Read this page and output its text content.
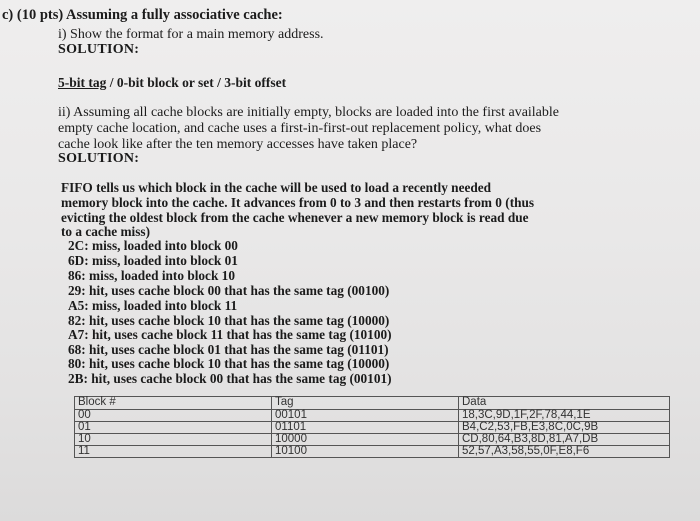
c) (10 pts) Assuming a fully associative cache:
i) Show the format for a main memory address.
SOLUTION:
5-bit tag / 0-bit block or set / 3-bit offset
ii) Assuming all cache blocks are initially empty, blocks are loaded into the first available
empty cache location, and cache uses a first-in-first-out replacement policy, what does
cache look like after the ten memory accesses have taken place?
SOLUTION:
FIFO tells us which block in the cache will be used to load a recently needed
memory block into the cache. It advances from 0 to 3 and then restarts from 0 (thus
evicting the oldest block from the cache whenever a new memory block is read due
to a cache miss)
2C: miss, loaded into block 00
6D: miss, loaded into block 01
86: miss, loaded into block 10
29: hit, uses cache block 00 that has the same tag (00100)
A5: miss, loaded into block 11
82: hit, uses cache block 10 that has the same tag (10000)
A7: hit, uses cache block 11 that has the same tag (10100)
68: hit, uses cache block 01 that has the same tag (01101)
80: hit, uses cache block 10 that has the same tag (10000)
2B: hit, uses cache block 00 that has the same tag (00101)
Block #	Tag	Data
00	00101	18,3C,9D,1F,2F,78,44,1E
01	01101	B4,C2,53,FB,E3,8C,0C,9B
10	10000	CD,80,64,B3,8D,81,A7,DB
11	10100	52,57,A3,58,55,0F,E8,F6
